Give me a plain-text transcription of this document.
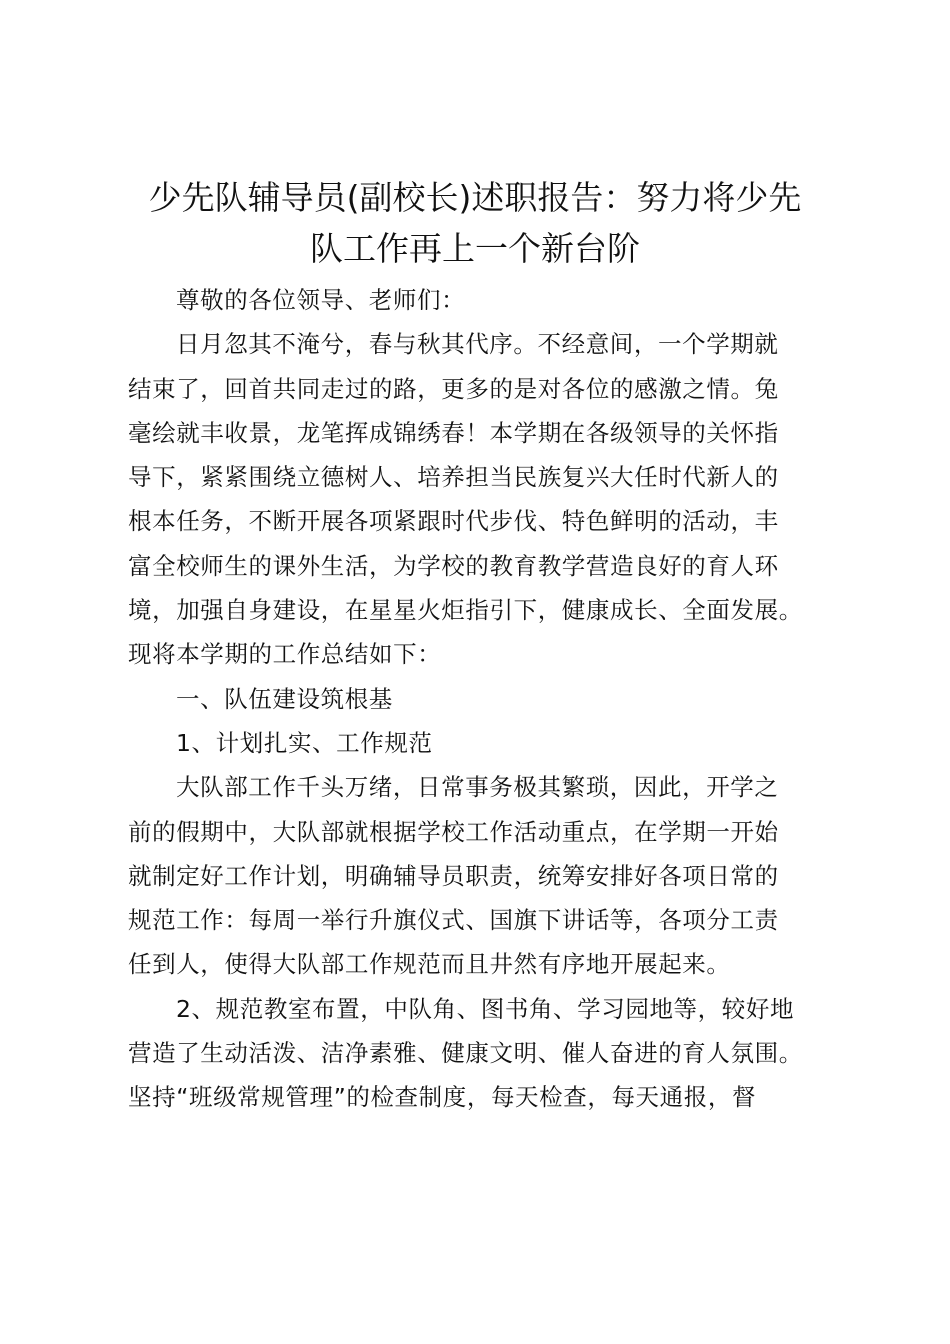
少先队辅导员(副校长)述职报告：努力将少先
队工作再上一个新台阶
尊敬的各位领导、老师们：
日月忽其不淹兮，春与秋其代序。不经意间，一个学期就
结束了，回首共同走过的路，更多的是对各位的感激之情。兔
毫绘就丰收景，龙笔挥成锦绣春！本学期在各级领导的关怀指
导下，紧紧围绕立德树人、培养担当民族复兴大任时代新人的
根本任务，不断开展各项紧跟时代步伐、特色鲜明的活动，丰
富全校师生的课外生活，为学校的教育教学营造良好的育人环
境，加强自身建设，在星星火炬指引下，健康成长、全面发展。
现将本学期的工作总结如下：
一、队伍建设筑根基
1、计划扎实、工作规范
大队部工作千头万绪，日常事务极其繁琐，因此，开学之
前的假期中，大队部就根据学校工作活动重点，在学期一开始
就制定好工作计划，明确辅导员职责，统筹安排好各项日常的
规范工作：每周一举行升旗仪式、国旗下讲话等，各项分工责
任到人，使得大队部工作规范而且井然有序地开展起来。
2、规范教室布置，中队角、图书角、学习园地等，较好地
营造了生动活泼、洁净素雅、健康文明、催人奋进的育人氛围。
坚持“班级常规管理”的检查制度，每天检查，每天通报，督
